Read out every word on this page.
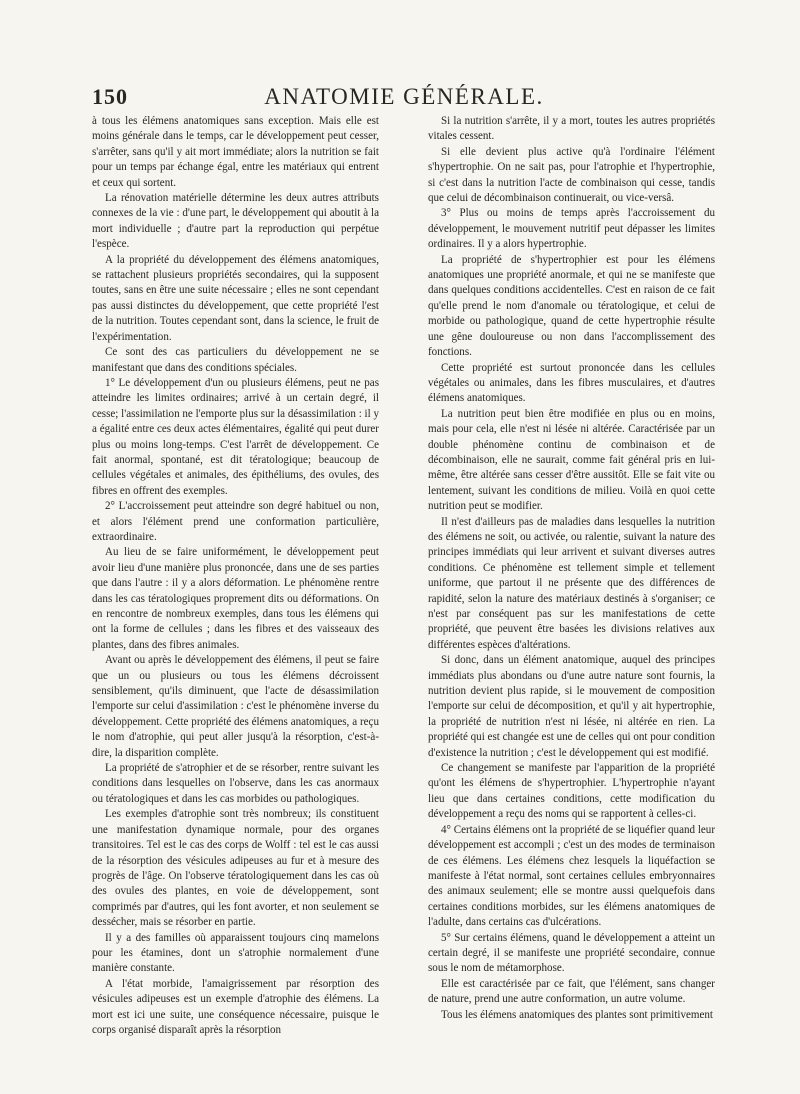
150	ANATOMIE GÉNÉRALE.

à tous les élémens anatomiques sans exception. Mais elle est moins générale dans le temps, car le développement peut cesser, s'arrêter, sans qu'il y ait mort immédiate; alors la nutrition se fait pour un temps par échange égal, entre les matériaux qui entrent et ceux qui sortent.

La rénovation matérielle détermine les deux autres attributs connexes de la vie : d'une part, le développement qui aboutit à la mort individuelle ; d'autre part la reproduction qui perpétue l'espèce.

A la propriété du développement des élémens anatomiques, se rattachent plusieurs propriétés secondaires, qui la supposent toutes, sans en être une suite nécessaire ; elles ne sont cependant pas aussi distinctes du développement, que cette propriété l'est de la nutrition. Toutes cependant sont, dans la science, le fruit de l'expérimentation.

Ce sont des cas particuliers du développement ne se manifestant que dans des conditions spéciales.

1° Le développement d'un ou plusieurs élémens, peut ne pas atteindre les limites ordinaires; arrivé à un certain degré, il cesse; l'assimilation ne l'emporte plus sur la désassimilation : il y a égalité entre ces deux actes élémentaires, égalité qui peut durer plus ou moins long-temps. C'est l'arrêt de développement. Ce fait anormal, spontané, est dit tératologique; beaucoup de cellules végétales et animales, des épithéliums, des ovules, des fibres en offrent des exemples.

2° L'accroissement peut atteindre son degré habituel ou non, et alors l'élément prend une conformation particulière, extraordinaire.

Au lieu de se faire uniformément, le développement peut avoir lieu d'une manière plus prononcée, dans une de ses parties que dans l'autre : il y a alors déformation. Le phénomène rentre dans les cas tératologiques proprement dits ou déformations. On en rencontre de nombreux exemples, dans tous les élémens qui ont la forme de cellules ; dans les fibres et des vaisseaux des plantes, dans des fibres animales.

Avant ou après le développement des élémens, il peut se faire que un ou plusieurs ou tous les élémens décroissent sensiblement, qu'ils diminuent, que l'acte de désassimilation l'emporte sur celui d'assimilation : c'est le phénomène inverse du développement. Cette propriété des élémens anatomiques, a reçu le nom d'atrophie, qui peut aller jusqu'à la résorption, c'est-à-dire, la disparition complète.

La propriété de s'atrophier et de se résorber, rentre suivant les conditions dans lesquelles on l'observe, dans les cas anormaux ou tératologiques et dans les cas morbides ou pathologiques.

Les exemples d'atrophie sont très nombreux; ils constituent une manifestation dynamique normale, pour des organes transitoires. Tel est le cas des corps de Wolff : tel est le cas aussi de la résorption des vésicules adipeuses au fur et à mesure des progrès de l'âge. On l'observe tératologiquement dans les cas où des ovules des plantes, en voie de développement, sont comprimés par d'autres, qui les font avorter, et non seulement se dessécher, mais se résorber en partie.

Il y a des familles où apparaissent toujours cinq mamelons pour les étamines, dont un s'atrophie normalement d'une manière constante.

A l'état morbide, l'amaigrissement par résorption des vésicules adipeuses est un exemple d'atrophie des élémens. La mort est ici une suite, une conséquence nécessaire, puisque le corps organisé disparaît après la résorption

Si la nutrition s'arrête, il y a mort, toutes les autres propriétés vitales cessent.

Si elle devient plus active qu'à l'ordinaire l'élément s'hypertrophie. On ne sait pas, pour l'atrophie et l'hypertrophie, si c'est dans la nutrition l'acte de combinaison qui cesse, tandis que celui de décombinaison continuerait, ou vice-versâ.

3° Plus ou moins de temps après l'accroissement du développement, le mouvement nutritif peut dépasser les limites ordinaires. Il y a alors hypertrophie.

La propriété de s'hypertrophier est pour les élémens anatomiques une propriété anormale, et qui ne se manifeste que dans quelques conditions accidentelles. C'est en raison de ce fait qu'elle prend le nom d'anomale ou tératologique, et celui de morbide ou pathologique, quand de cette hypertrophie résulte une gêne douloureuse ou non dans l'accomplissement des fonctions.

Cette propriété est surtout prononcée dans les cellules végétales ou animales, dans les fibres musculaires, et d'autres élémens anatomiques.

La nutrition peut bien être modifiée en plus ou en moins, mais pour cela, elle n'est ni lésée ni altérée. Caractérisée par un double phénomène continu de combinaison et de décombinaison, elle ne saurait, comme fait général pris en lui-même, être altérée sans cesser d'être aussitôt. Elle se fait vite ou lentement, suivant les conditions de milieu. Voilà en quoi cette nutrition peut se modifier.

Il n'est d'ailleurs pas de maladies dans lesquelles la nutrition des élémens ne soit, ou activée, ou ralentie, suivant la nature des principes immédiats qui leur arrivent et suivant diverses autres conditions. Ce phénomène est tellement simple et tellement uniforme, que partout il ne présente que des différences de rapidité, selon la nature des matériaux destinés à s'organiser; ce n'est par conséquent pas sur les manifestations de cette propriété, que peuvent être basées les divisions relatives aux différentes espèces d'altérations.

Si donc, dans un élément anatomique, auquel des principes immédiats plus abondans ou d'une autre nature sont fournis, la nutrition devient plus rapide, si le mouvement de composition l'emporte sur celui de décomposition, et qu'il y ait hypertrophie, la propriété de nutrition n'est ni lésée, ni altérée en rien. La propriété qui est changée est une de celles qui ont pour condition d'existence la nutrition ; c'est le développement qui est modifié.

Ce changement se manifeste par l'apparition de la propriété qu'ont les élémens de s'hypertrophier. L'hypertrophie n'ayant lieu que dans certaines conditions, cette modification du développement a reçu des noms qui se rapportent à celles-ci.

4° Certains élémens ont la propriété de se liquéfier quand leur développement est accompli ; c'est un des modes de terminaison de ces élémens. Les élémens chez lesquels la liquéfaction se manifeste à l'état normal, sont certaines cellules embryonnaires des animaux seulement; elle se montre aussi quelquefois dans certaines conditions morbides, sur les élémens anatomiques de l'adulte, dans certains cas d'ulcérations.

5° Sur certains élémens, quand le développement a atteint un certain degré, il se manifeste une propriété secondaire, connue sous le nom de métamorphose.

Elle est caractérisée par ce fait, que l'élément, sans changer de nature, prend une autre conformation, un autre volume.

Tous les élémens anatomiques des plantes sont primitivement
